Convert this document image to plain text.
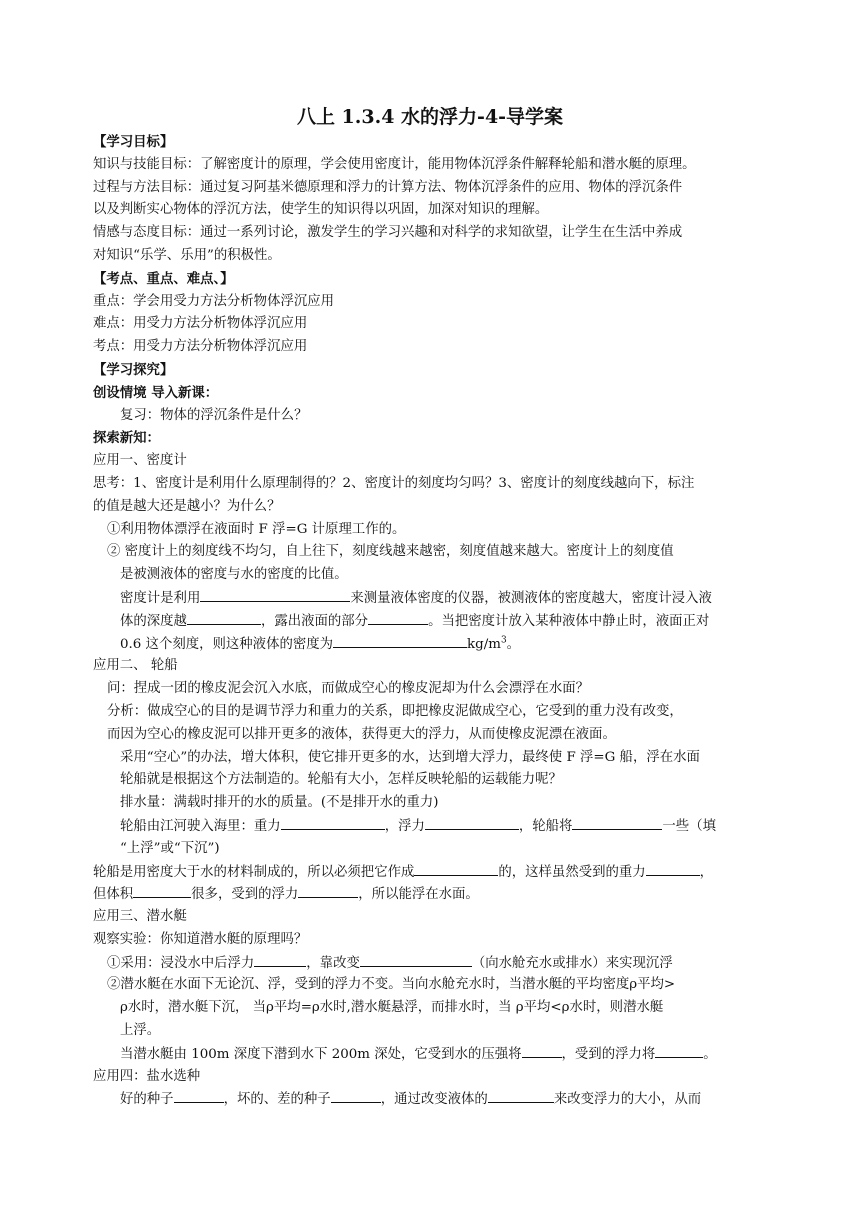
八上 1.3.4 水的浮力-4-导学案
【学习目标】
知识与技能目标：了解密度计的原理，学会使用密度计，能用物体沉浮条件解释轮船和潜水艇的原理。
过程与方法目标：通过复习阿基米德原理和浮力的计算方法、物体沉浮条件的应用、物体的浮沉条件
以及判断实心物体的浮沉方法，使学生的知识得以巩固，加深对知识的理解。
情感与态度目标：通过一系列讨论，激发学生的学习兴趣和对科学的求知欲望，让学生在生活中养成
对知识“乐学、乐用”的积极性。
【考点、重点、难点、】
重点：学会用受力方法分析物体浮沉应用
难点：用受力方法分析物体浮沉应用
考点：用受力方法分析物体浮沉应用
【学习探究】
创设情境 导入新课：
复习：物体的浮沉条件是什么？
探索新知：
应用一、密度计
思考：1、密度计是利用什么原理制得的？2、密度计的刻度均匀吗？3、密度计的刻度线越向下，标注
的值是越大还是越小？为什么？
①利用物体漂浮在液面时 F 浮=G 计原理工作的。
② 密度计上的刻度线不均匀，自上往下，刻度线越来越密，刻度值越来越大。密度计上的刻度值
是被测液体的密度与水的密度的比值。
密度计是利用	来测量液体密度的仪器，被测液体的密度越大，密度计浸入液
体的深度越	，露出液面的部分	。当把密度计放入某种液体中静止时，液面正对
0.6 这个刻度，则这种液体的密度为	$kg/m^3$。
应用二、 轮船
问：捏成一团的橡皮泥会沉入水底，而做成空心的橡皮泥却为什么会漂浮在水面？
分析：做成空心的目的是调节浮力和重力的关系，即把橡皮泥做成空心，它受到的重力没有改变，
而因为空心的橡皮泥可以排开更多的液体，获得更大的浮力，从而使橡皮泥漂在液面。
采用“空心”的办法，增大体积，使它排开更多的水，达到增大浮力，最终使 F 浮=G 船，浮在水面
轮船就是根据这个方法制造的。轮船有大小，怎样反映轮船的运载能力呢？
排水量：满载时排开的水的质量。(不是排开水的重力)
轮船由江河驶入海里：重力	，浮力	，轮船将	一些（填
“上浮”或“下沉”)
轮船是用密度大于水的材料制成的，所以必须把它作成	的，这样虽然受到的重力	，
但体积	很多，受到的浮力	，所以能浮在水面。
应用三、潜水艇
观察实验：你知道潜水艇的原理吗？
①采用：浸没水中后浮力	，靠改变	（向水舱充水或排水）来实现沉浮
②潜水艇在水面下无论沉、浮，受到的浮力不变。当向水舱充水时，当潜水艇的平均密度ρ平均>
ρ水时，潜水艇下沉， 当ρ平均=ρ水时,潜水艇悬浮，而排水时，当 ρ平均<ρ水时，则潜水艇
上浮。
当潜水艇由 100m 深度下潜到水下 200m 深处，它受到水的压强将	，受到的浮力将	。
应用四：盐水选种
好的种子	，坏的、差的种子	，通过改变液体的	来改变浮力的大小，从而
